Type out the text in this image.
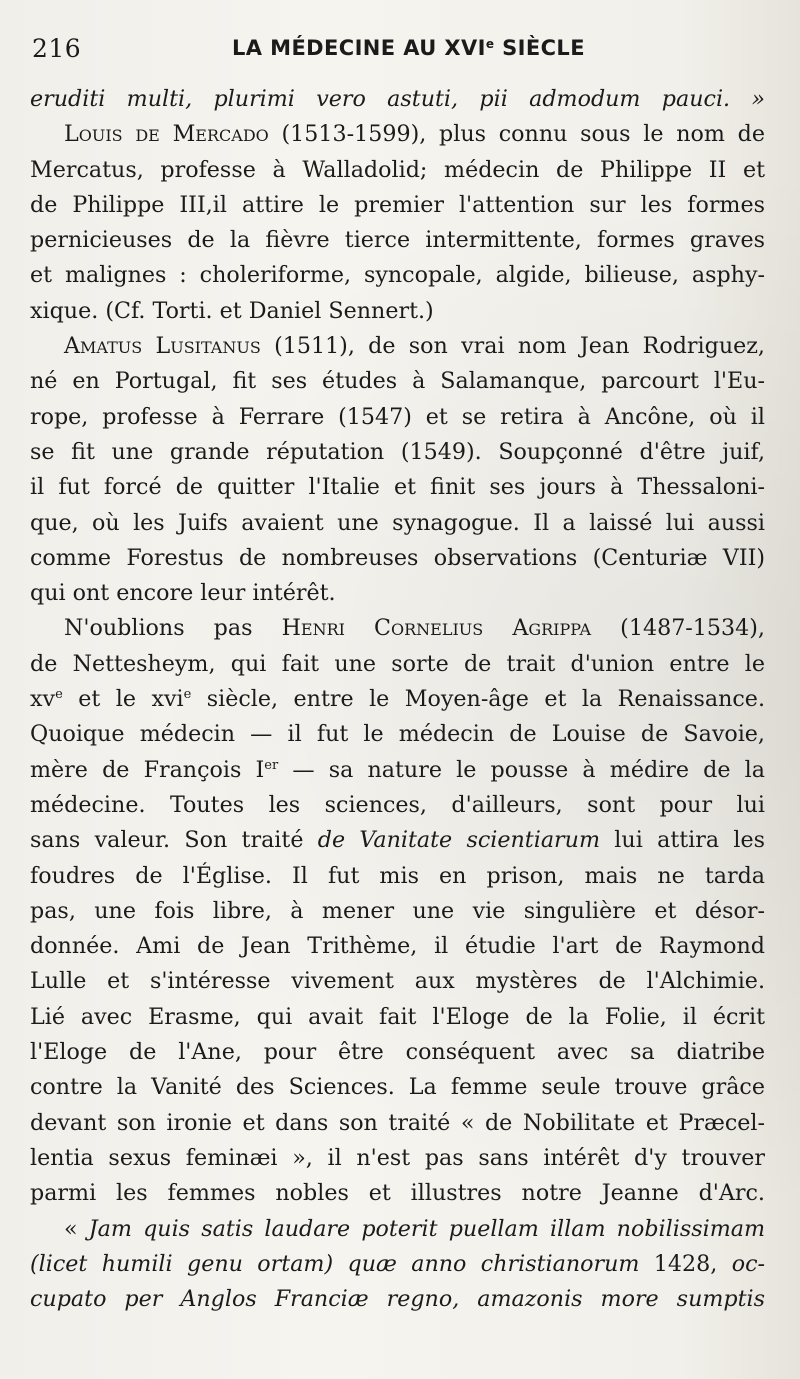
216	LA MÉDECINE AU XVIe SIÈCLE
eruditi multi, plurimi vero astuti, pii admodum pauci. »
Louis de Mercado (1513-1599), plus connu sous le nom de
Mercatus, professe à Walladolid; médecin de Philippe II et
de Philippe III,il attire le premier l'attention sur les formes
pernicieuses de la fièvre tierce intermittente, formes graves
et malignes : choleriforme, syncopale, algide, bilieuse, asphy-
xique. (Cf. Torti. et Daniel Sennert.)
Amatus Lusitanus (1511), de son vrai nom Jean Rodriguez,
né en Portugal, fit ses études à Salamanque, parcourt l'Eu-
rope, professe à Ferrare (1547) et se retira à Ancône, où il
se fit une grande réputation (1549). Soupçonné d'être juif,
il fut forcé de quitter l'Italie et finit ses jours à Thessaloni-
que, où les Juifs avaient une synagogue. Il a laissé lui aussi
comme Forestus de nombreuses observations (Centuriæ VII)
qui ont encore leur intérêt.
N'oublions pas Henri Cornelius Agrippa (1487-1534),
de Nettesheym, qui fait une sorte de trait d'union entre le
$xv^e$ et le xvi$^e$ siècle, entre le Moyen-âge et la Renaissance.
Quoique médecin — il fut le médecin de Louise de Savoie,
mère de François Ier — sa nature le pousse à médire de la
médecine. Toutes les sciences, d'ailleurs, sont pour lui
sans valeur. Son traité de Vanitate scientiarum lui attira les
foudres de l'Église. Il fut mis en prison, mais ne tarda
pas, une fois libre, à mener une vie singulière et désor-
donnée. Ami de Jean Trithème, il étudie l'art de Raymond
Lulle et s'intéresse vivement aux mystères de l'Alchimie.
Lié avec Erasme, qui avait fait l'Eloge de la Folie, il écrit
l'Eloge de l'Ane, pour être conséquent avec sa diatribe
contre la Vanité des Sciences. La femme seule trouve grâce
devant son ironie et dans son traité « de Nobilitate et Præcel-
lentia sexus feminæi », il n'est pas sans intérêt d'y trouver
parmi les femmes nobles et illustres notre Jeanne d'Arc.
« Jam quis satis laudare poterit puellam illam nobilissimam
(licet humili genu ortam) quæ anno christianorum 1428, oc-
cupato per Anglos Franciæ regno, amazonis more sumptis
